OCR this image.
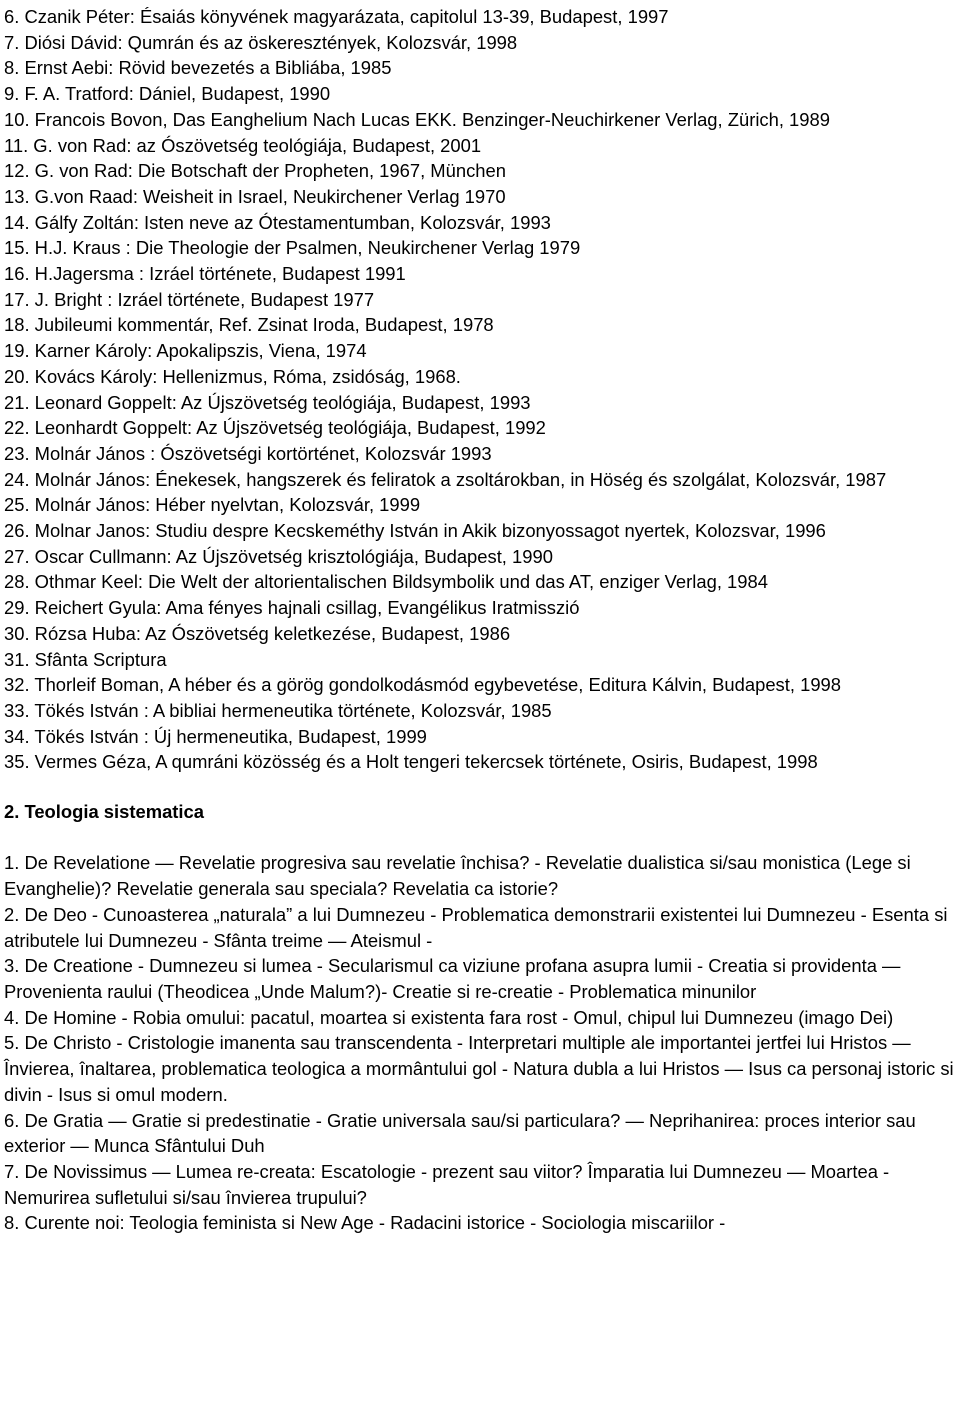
6. Czanik Péter: Ésaiás könyvének magyarázata, capitolul 13-39, Budapest, 1997

7. Diósi Dávid: Qumrán és az öskeresztények, Kolozsvár, 1998

8. Ernst Aebi: Rövid bevezetés a Bibliába, 1985

9. F. A. Tratford: Dániel, Budapest, 1990

10. Francois Bovon, Das Eanghelium Nach Lucas EKK. Benzinger-Neuchirkener Verlag, Zürich, 1989

11. G. von Rad: az Ószövetség teológiája, Budapest, 2001

12. G. von Rad: Die Botschaft der Propheten, 1967, München

13. G.von Raad: Weisheit in Israel, Neukirchener Verlag 1970

14. Gálfy Zoltán: Isten neve az Ótestamentumban, Kolozsvár, 1993

15. H.J. Kraus : Die Theologie der Psalmen, Neukirchener Verlag 1979

16. H.Jagersma : Izráel története, Budapest 1991

17. J. Bright : Izráel története, Budapest 1977

18. Jubileumi kommentár, Ref. Zsinat Iroda, Budapest, 1978

19. Karner Károly: Apokalipszis, Viena, 1974

20. Kovács Károly: Hellenizmus, Róma, zsidóság, 1968.

21. Leonard Goppelt: Az Újszövetség teológiája, Budapest, 1993

22. Leonhardt Goppelt: Az Újszövetség teológiája, Budapest, 1992

23. Molnár János : Ószövetségi kortörténet, Kolozsvár 1993

24. Molnár János: Énekesek, hangszerek és feliratok a zsoltárokban, in Höség és szolgálat, Kolozsvár, 1987

25. Molnár János: Héber nyelvtan, Kolozsvár, 1999

26. Molnar Janos: Studiu despre Kecskeméthy István in Akik bizonyossagot nyertek, Kolozsvar, 1996

27. Oscar Cullmann: Az Újszövetség krisztológiája, Budapest, 1990

28. Othmar Keel: Die Welt der altorientalischen Bildsymbolik und das AT, enziger Verlag, 1984

29. Reichert Gyula: Ama fényes hajnali csillag, Evangélikus Iratmisszió

30. Rózsa Huba: Az Ószövetség keletkezése, Budapest, 1986

31. Sfânta Scriptura

32. Thorleif Boman, A héber és a görög gondolkodásmód egybevetése, Editura Kálvin, Budapest, 1998

33. Tökés István : A bibliai hermeneutika története, Kolozsvár, 1985

34. Tökés István : Új hermeneutika, Budapest, 1999

35. Vermes Géza, A qumráni közösség és a Holt tengeri tekercsek története, Osiris, Budapest, 1998

2. Teologia sistematica

1. De Revelatione — Revelatie progresiva sau revelatie închisa? - Revelatie dualistica si/sau monistica (Lege si Evanghelie)? Revelatie generala sau speciala? Revelatia ca istorie?

2. De Deo - Cunoasterea „naturala” a lui Dumnezeu - Problematica demonstrarii existentei lui Dumnezeu - Esenta si atributele lui Dumnezeu - Sfânta treime — Ateismul -

3. De Creatione - Dumnezeu si lumea - Secularismul ca viziune profana asupra lumii - Creatia si providenta — Provenienta raului (Theodicea „Unde Malum?)- Creatie si re-creatie - Problematica minunilor

4. De Homine - Robia omului: pacatul, moartea si existenta fara rost - Omul, chipul lui Dumnezeu (imago Dei)

5. De Christo - Cristologie imanenta sau transcendenta - Interpretari multiple ale importantei jertfei lui Hristos — Învierea, înaltarea, problematica teologica a mormântului gol - Natura dubla a lui Hristos — Isus ca personaj istoric si divin - Isus si omul modern.

6. De Gratia — Gratie si predestinatie - Gratie universala sau/si particulara? — Neprihanirea: proces interior sau exterior — Munca Sfântului Duh

7. De Novissimus — Lumea re-creata: Escatologie - prezent sau viitor? Împaratia lui Dumnezeu — Moartea - Nemurirea sufletului si/sau învierea trupului?

8. Curente noi: Teologia feminista si New Age - Radacini istorice - Sociologia miscariilor -
